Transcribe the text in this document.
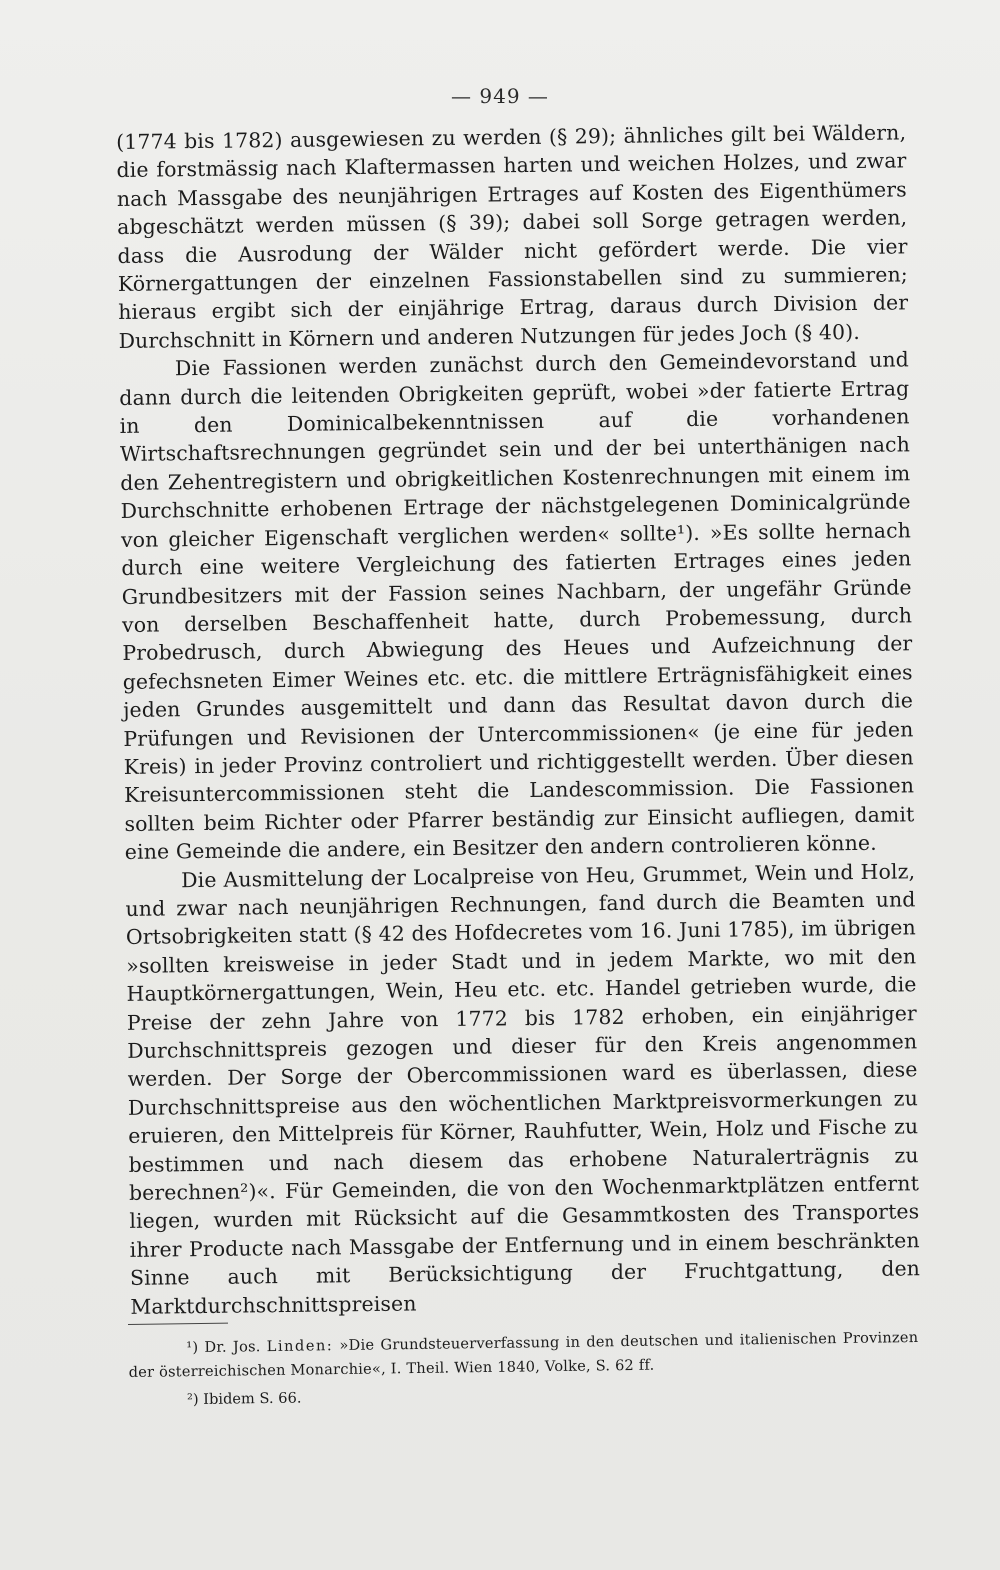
— 949 —

(1774 bis 1782) ausgewiesen zu werden (§ 29); ähnliches gilt bei Wäldern, die forstmässig nach Klaftermassen harten und weichen Holzes, und zwar nach Massgabe des neunjährigen Ertrages auf Kosten des Eigenthümers abgeschätzt werden müssen (§ 39); dabei soll Sorge getragen werden, dass die Ausrodung der Wälder nicht gefördert werde. Die vier Körnergattungen der einzelnen Fassionstabellen sind zu summieren; hieraus ergibt sich der einjährige Ertrag, daraus durch Division der Durchschnitt in Körnern und anderen Nutzungen für jedes Joch (§ 40).

Die Fassionen werden zunächst durch den Gemeindevorstand und dann durch die leitenden Obrigkeiten geprüft, wobei »der fatierte Ertrag in den Dominicalbekenntnissen auf die vorhandenen Wirtschaftsrechnungen gegründet sein und der bei unterthänigen nach den Zehentregistern und obrigkeitlichen Kostenrechnungen mit einem im Durchschnitte erhobenen Ertrage der nächstgelegenen Dominicalgründe von gleicher Eigenschaft verglichen werden« sollte¹). »Es sollte hernach durch eine weitere Vergleichung des fatierten Ertrages eines jeden Grundbesitzers mit der Fassion seines Nachbarn, der ungefähr Gründe von derselben Beschaffenheit hatte, durch Probemessung, durch Probedrusch, durch Abwiegung des Heues und Aufzeichnung der gefechsneten Eimer Weines etc. etc. die mittlere Erträgnisfähigkeit eines jeden Grundes ausgemittelt und dann das Resultat davon durch die Prüfungen und Revisionen der Untercommissionen« (je eine für jeden Kreis) in jeder Provinz controliert und richtiggestellt werden. Über diesen Kreisuntercommissionen steht die Landescommission. Die Fassionen sollten beim Richter oder Pfarrer beständig zur Einsicht aufliegen, damit eine Gemeinde die andere, ein Besitzer den andern controlieren könne.

Die Ausmittelung der Localpreise von Heu, Grummet, Wein und Holz, und zwar nach neunjährigen Rechnungen, fand durch die Beamten und Ortsobrigkeiten statt (§ 42 des Hofdecretes vom 16. Juni 1785), im übrigen »sollten kreisweise in jeder Stadt und in jedem Markte, wo mit den Hauptkörnergattungen, Wein, Heu etc. etc. Handel getrieben wurde, die Preise der zehn Jahre von 1772 bis 1782 erhoben, ein einjähriger Durchschnittspreis gezogen und dieser für den Kreis angenommen werden. Der Sorge der Obercommissionen ward es überlassen, diese Durchschnittspreise aus den wöchentlichen Marktpreisvormerkungen zu eruieren, den Mittelpreis für Körner, Rauhfutter, Wein, Holz und Fische zu bestimmen und nach diesem das erhobene Naturalerträgnis zu berechnen²)«. Für Gemeinden, die von den Wochenmarktplätzen entfernt liegen, wurden mit Rücksicht auf die Gesammtkosten des Transportes ihrer Producte nach Massgabe der Entfernung und in einem beschränkten Sinne auch mit Berücksichtigung der Fruchtgattung, den Marktdurchschnittspreisen

¹) Dr. Jos. Linden: »Die Grundsteuerverfassung in den deutschen und italienischen Provinzen der österreichischen Monarchie«, I. Theil. Wien 1840, Volke, S. 62 ff.

²) Ibidem S. 66.
